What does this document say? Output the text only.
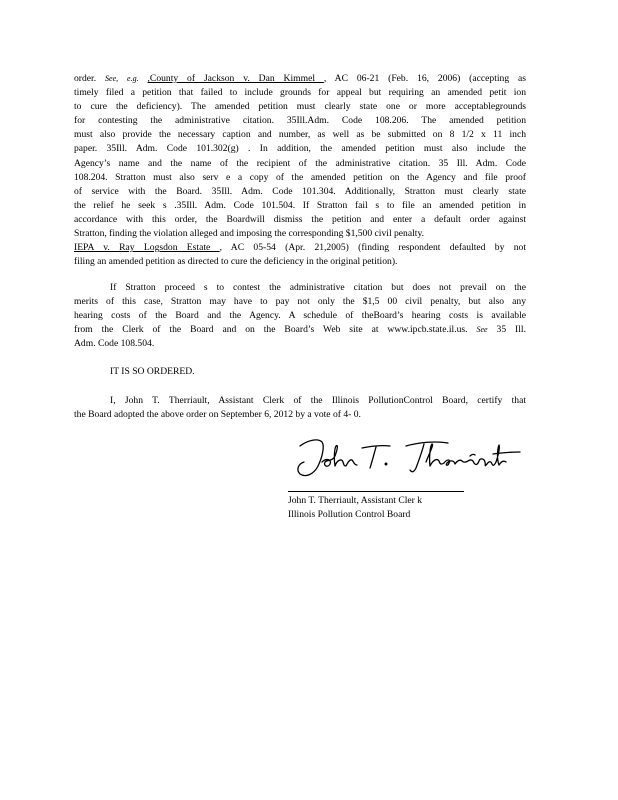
order. See, e.g. ,County of Jackson v. Dan Kimmel , AC 06-21 (Feb. 16, 2006) (accepting as
timely filed a petition that failed to include grounds for appeal but requiring an amended petit ion
to cure the deficiency). The amended petition must clearly state one or more acceptablegrounds
for contesting the administrative citation. 35Ill.Adm. Code 108.206. The amended petition
must also provide the necessary caption and number, as well as be submitted on 8 1/2 x 11 inch
paper. 35Ill. Adm. Code 101.302(g) . In addition, the amended petition must also include the
Agency’s name and the name of the recipient of the administrative citation. 35 Ill. Adm. Code
108.204. Stratton must also serv e a copy of the amended petition on the Agency and file proof
of service with the Board. 35Ill. Adm. Code 101.304. Additionally, Stratton must clearly state
the relief he seek s .35Ill. Adm. Code 101.504. If Stratton fail s to file an amended petition in
accordance with this order, the Boardwill dismiss the petition and enter a default order against
Stratton, finding the violation alleged and imposing the corresponding $1,500 civil penalty.
IEPA v. Ray Logsdon Estate , AC 05-54 (Apr. 21,2005) (finding respondent defaulted by not
filing an amended petition as directed to cure the deficiency in the original petition).
If Stratton proceed s to contest the administrative citation but does not prevail on the
merits of this case, Stratton may have to pay not only the $1,5 00 civil penalty, but also any
hearing costs of the Board and the Agency. A schedule of theBoard’s hearing costs is available
from the Clerk of the Board and on the Board’s Web site at www.ipcb.state.il.us. See 35 Ill.
Adm. Code 108.504.
IT IS SO ORDERED.
I, John T. Therriault, Assistant Clerk of the Illinois PollutionControl Board, certify that
the Board adopted the above order on September 6, 2012 by a vote of 4- 0.
John T. Therriault, Assistant Cler k
Illinois Pollution Control Board
